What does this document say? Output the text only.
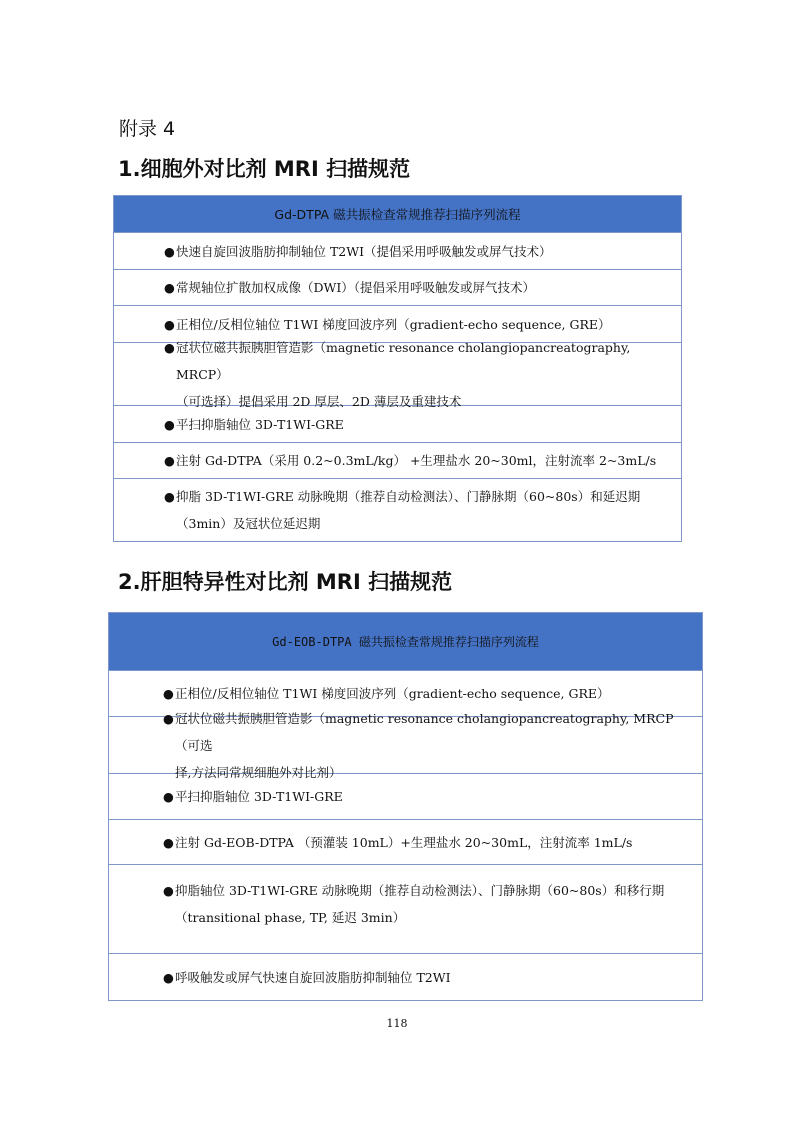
附录 4
1.细胞外对比剂 MRI 扫描规范
Gd-DTPA 磁共振检查常规推荐扫描序列流程
● 快速自旋回波脂肪抑制轴位 T2WI（提倡采用呼吸触发或屏气技术）
● 常规轴位扩散加权成像（DWI）（提倡采用呼吸触发或屏气技术）
● 正相位/反相位轴位 T1WI 梯度回波序列（gradient-echo sequence, GRE）
● 冠状位磁共振胰胆管造影（magnetic resonance cholangiopancreatography, MRCP）
（可选择）提倡采用 2D 厚层、2D 薄层及重建技术
● 平扫抑脂轴位 3D-T1WI-GRE
● 注射 Gd-DTPA（采用 0.2~0.3mL/kg） +生理盐水 20~30ml，注射流率 2~3mL/s
● 抑脂 3D-T1WI-GRE 动脉晚期（推荐自动检测法）、门静脉期（60~80s）和延迟期
（3min）及冠状位延迟期
2.肝胆特异性对比剂 MRI 扫描规范
Gd-EOB-DTPA 磁共振检查常规推荐扫描序列流程
● 正相位/反相位轴位 T1WI 梯度回波序列（gradient-echo sequence, GRE）
● 冠状位磁共振胰胆管造影（magnetic resonance cholangiopancreatography, MRCP（可选
择,方法同常规细胞外对比剂）
● 平扫抑脂轴位 3D-T1WI-GRE
● 注射 Gd-EOB-DTPA （预灌装 10mL）+生理盐水 20~30mL，注射流率 1mL/s
● 抑脂轴位 3D-T1WI-GRE 动脉晚期（推荐自动检测法）、门静脉期（60~80s）和移行期
（transitional phase, TP, 延迟 3min）
● 呼吸触发或屏气快速自旋回波脂肪抑制轴位 T2WI
118
